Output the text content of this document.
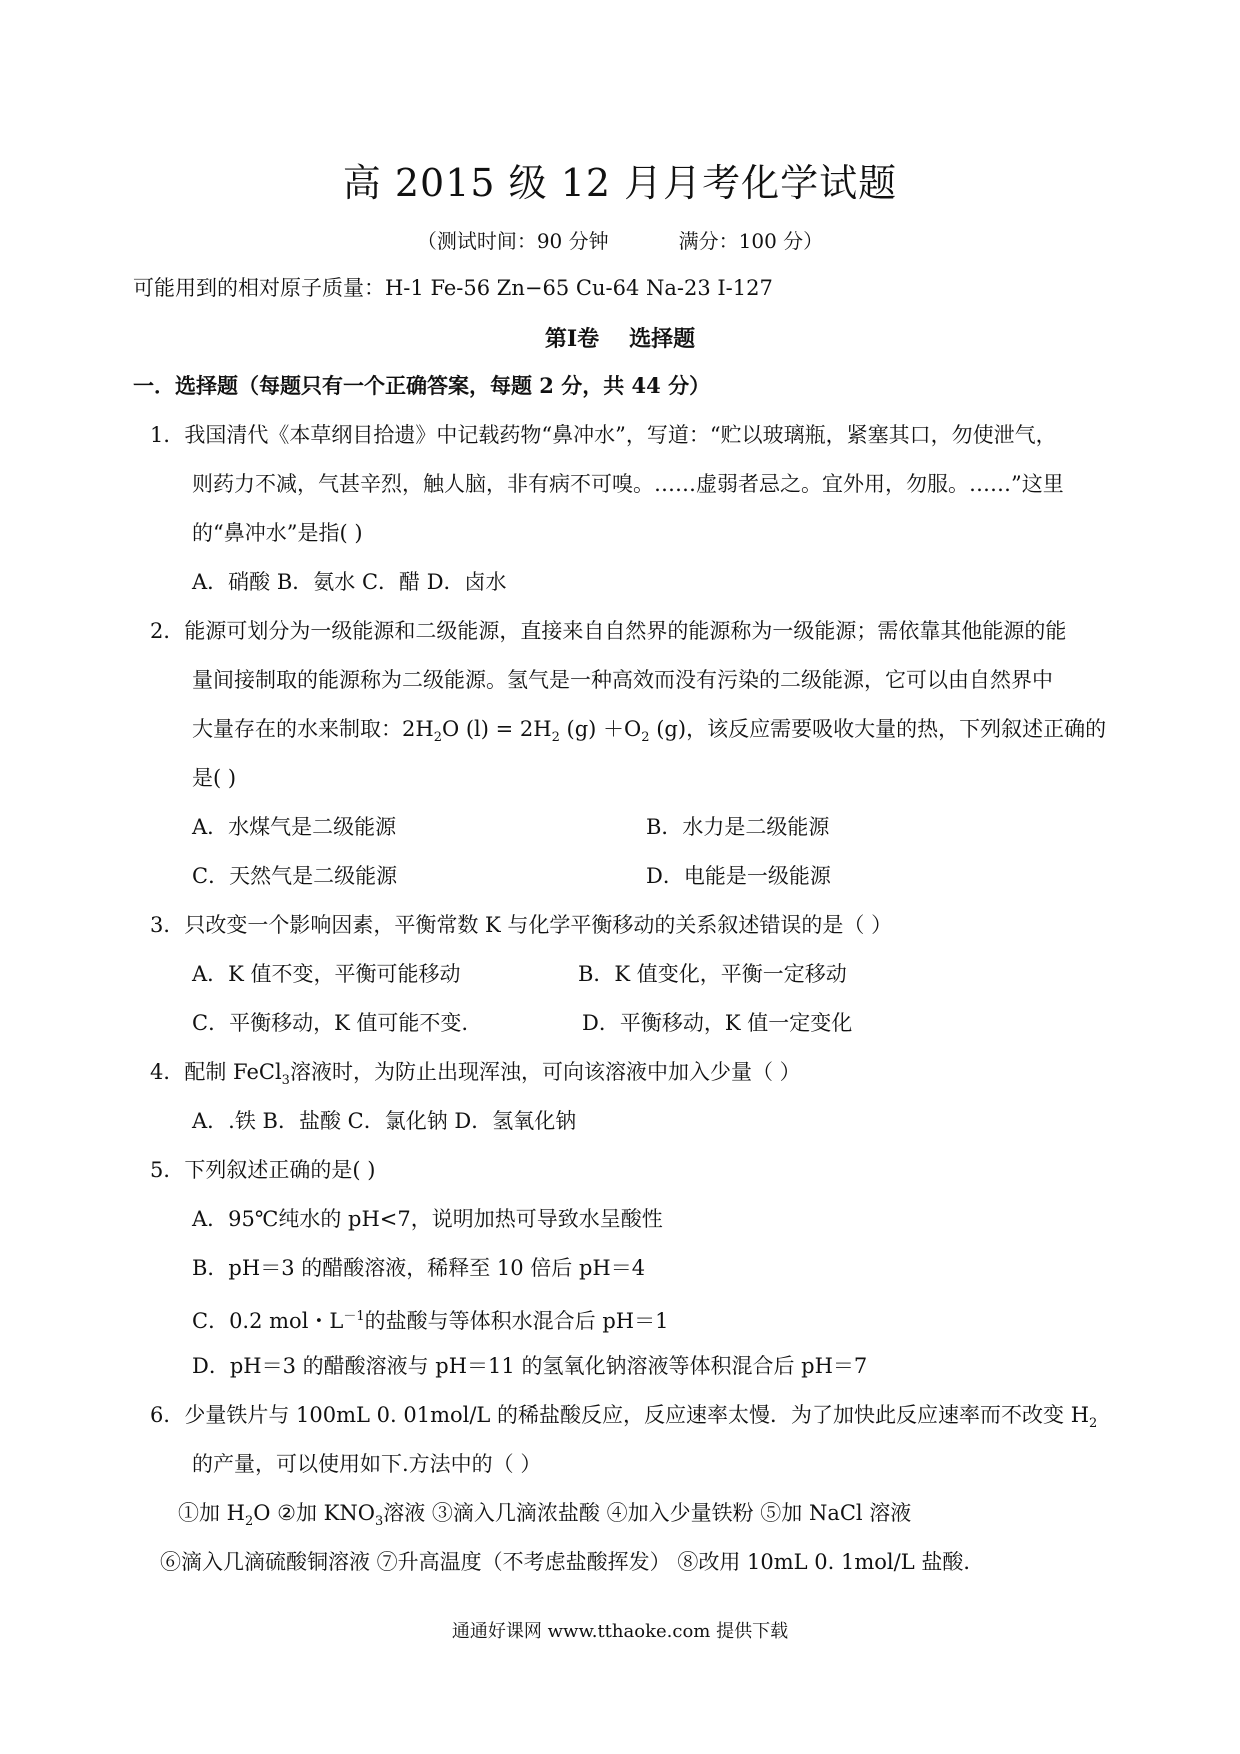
高 2015 级 12 月月考化学试题
（测试时间：90 分钟	满分：100 分）
可能用到的相对原子质量：H-1 Fe-56 Zn−65 Cu-64 Na-23 I-127
第Ⅰ卷 选择题
一．选择题（每题只有一个正确答案，每题 2 分，共 44 分）
1．我国清代《本草纲目拾遗》中记载药物“鼻冲水”，写道：“贮以玻璃瓶，紧塞其口，勿使泄气，
则药力不减，气甚辛烈，触人脑，非有病不可嗅。……虚弱者忌之。宜外用，勿服。……”这里
的“鼻冲水”是指( )
A．硝酸 B．氨水 C．醋 D．卤水
2．能源可划分为一级能源和二级能源，直接来自自然界的能源称为一级能源；需依靠其他能源的能
量间接制取的能源称为二级能源。氢气是一种高效而没有污染的二级能源，它可以由自然界中
大量存在的水来制取：$2H_2O$ $(l) = 2H_2$ $(g) +O_2$ (g)，该反应需要吸收大量的热，下列叙述正确的
是( )
A．水煤气是二级能源	B．水力是二级能源
C．天然气是二级能源	D．电能是一级能源
3．只改变一个影响因素，平衡常数 K 与化学平衡移动的关系叙述错误的是（ ）
A．K 值不变，平衡可能移动	B．K 值变化，平衡一定移动
C．平衡移动，K 值可能不变.	D．平衡移动，K 值一定变化
4．配制 FeCl$_3$溶液时，为防止出现浑浊，可向该溶液中加入少量（ ）
A．.铁 B．盐酸 C．氯化钠 D．氢氧化钠
5．下列叙述正确的是( )
A．95℃纯水的 pH<7，说明加热可导致水呈酸性
B．pH＝3 的醋酸溶液，稀释至 10 倍后 pH＝4
C．0.2 mol・$L^{-1}$的盐酸与等体积水混合后 pH＝1
D．pH＝3 的醋酸溶液与 pH＝11 的氢氧化钠溶液等体积混合后 pH＝7
6．少量铁片与 100mL 0. 01mol/L 的稀盐酸反应，反应速率太慢．为了加快此反应速率而不改变 $H_2$
的产量，可以使用如下.方法中的（ ）
①加 $H_2O$ ②加 $KNO_3$溶液 ③滴入几滴浓盐酸 ④加入少量铁粉 ⑤加 NaCl 溶液
⑥滴入几滴硫酸铜溶液 ⑦升高温度（不考虑盐酸挥发） ⑧改用 10mL 0. 1mol/L 盐酸．
通通好课网 www.tthaoke.com 提供下载
